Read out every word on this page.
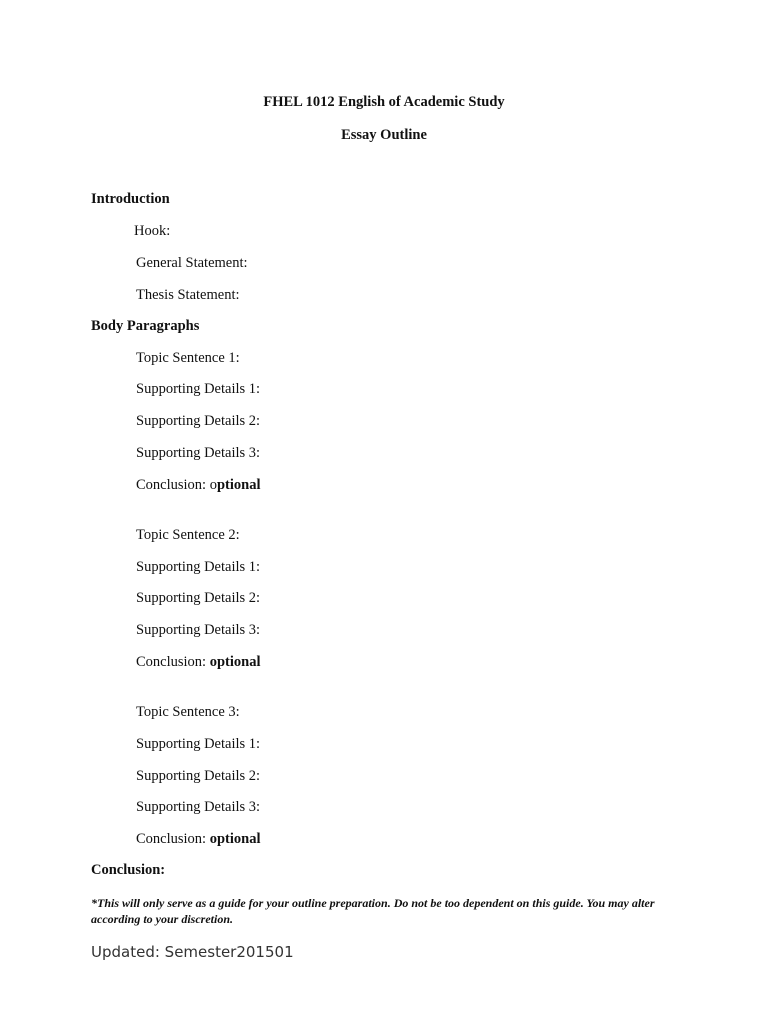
FHEL 1012 English of Academic Study
Essay Outline
Introduction
Hook:
General Statement:
Thesis Statement:
Body Paragraphs
Topic Sentence 1:
Supporting Details 1:
Supporting Details 2:
Supporting Details 3:
Conclusion: optional
Topic Sentence 2:
Supporting Details 1:
Supporting Details 2:
Supporting Details 3:
Conclusion: optional
Topic Sentence 3:
Supporting Details 1:
Supporting Details 2:
Supporting Details 3:
Conclusion: optional
Conclusion:
*This will only serve as a guide for your outline preparation. Do not be too dependent on this guide. You may alter according to your discretion.
Updated: Semester201501
